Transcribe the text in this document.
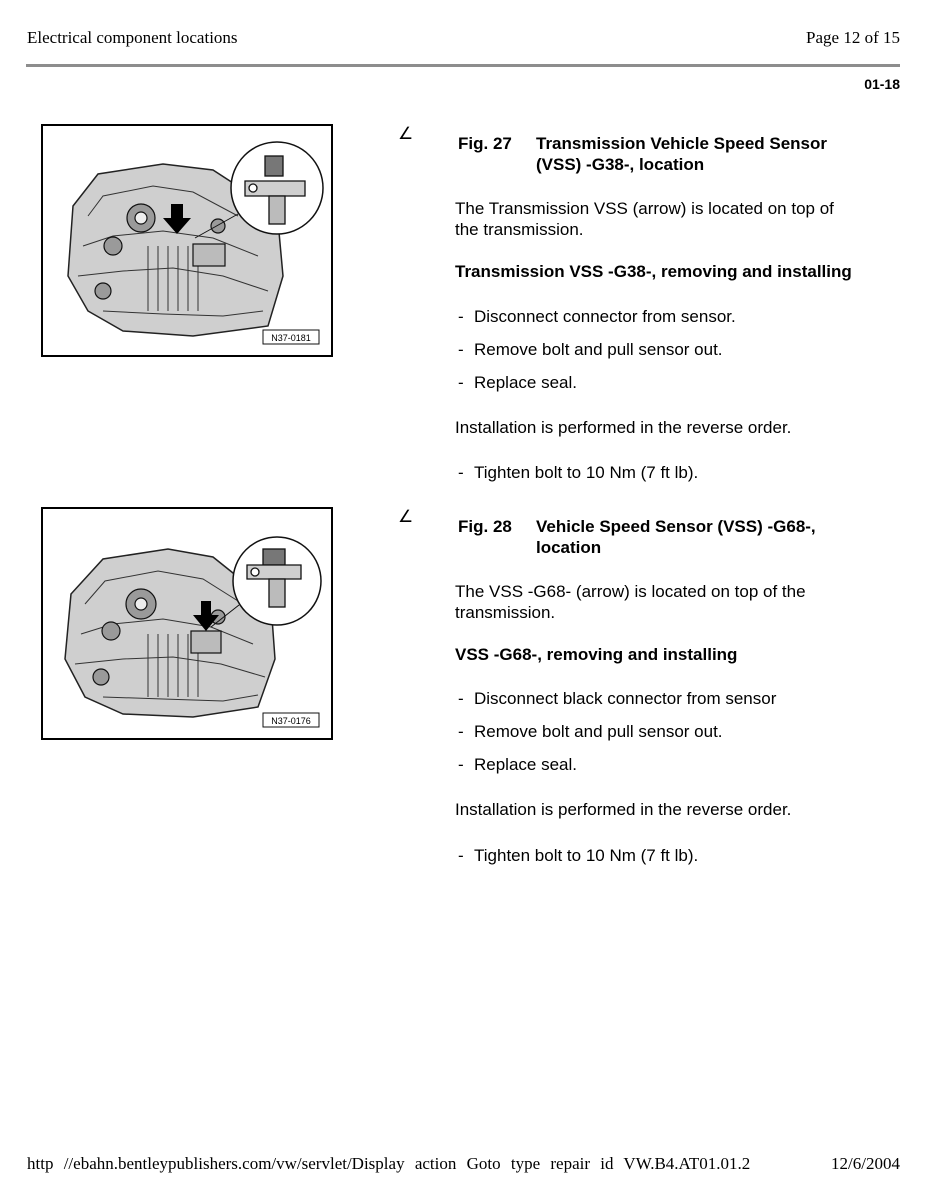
Electrical component locations	Page 12 of 15
01-18
N37-0181
∠
Fig. 27	Transmission Vehicle Speed Sensor
(VSS) -G38-, location
The Transmission VSS (arrow) is located on top of
the transmission.
Transmission VSS -G38-, removing and installing
- Disconnect connector from sensor.
- Remove bolt and pull sensor out.
- Replace seal.
Installation is performed in the reverse order.
- Tighten bolt to 10 Nm (7 ft lb).
N37-0176
∠
Fig. 28	Vehicle Speed Sensor (VSS) -G68-,
location
The VSS -G68- (arrow) is located on top of the
transmission.
VSS -G68-, removing and installing
- Disconnect black connector from sensor
- Remove bolt and pull sensor out.
- Replace seal.
Installation is performed in the reverse order.
- Tighten bolt to 10 Nm (7 ft lb).
http //ebahn.bentleypublishers.com/vw/servlet/Display action Goto type repair id VW.B4.AT01.01.2	12/6/2004
